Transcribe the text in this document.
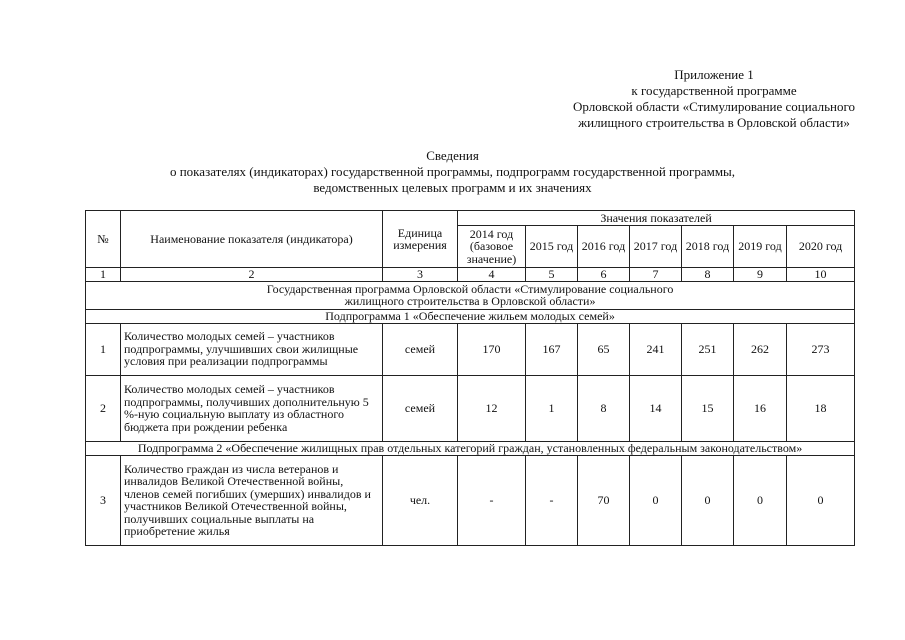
Приложение 1
к государственной программе
Орловской области «Стимулирование социального
жилищного строительства в Орловской области»
Сведения
о показателях (индикаторах) государственной программы, подпрограмм государственной программы,
ведомственных целевых программ и их значениях
№	Наименование показателя (индикатора)	Единица измерения	Значения показателей						
			2014 год (базовое значение)	2015 год	2016 год	2017 год	2018 год	2019 год	2020 год
1	2	3	4	5	6	7	8	9	10
Государственная программа Орловской области «Стимулирование социального жилищного строительства в Орловской области»									
Подпрограмма 1 «Обеспечение жильем молодых семей»									
1	Количество молодых семей – участников подпрограммы, улучшивших свои жилищные условия при реализации подпрограммы	семей	170	167	65	241	251	262	273
2	Количество молодых семей – участников подпрограммы, получивших дополнительную 5 %-ную социальную выплату из областного бюджета при рождении ребенка	семей	12	1	8	14	15	16	18
Подпрограмма 2 «Обеспечение жилищных прав отдельных категорий граждан, установленных федеральным законодательством»									
3	Количество граждан из числа ветеранов и инвалидов Великой Отечественной войны, членов семей погибших (умерших) инвалидов и участников Великой Отечественной войны, получивших социальные выплаты на приобретение жилья	чел.	-	-	70	0	0	0	0
